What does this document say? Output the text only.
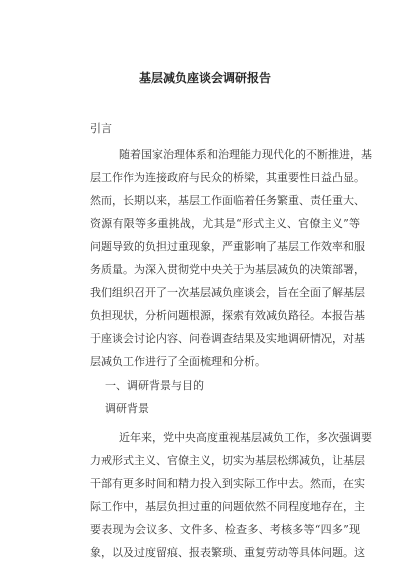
基层减负座谈会调研报告
引言
随着国家治理体系和治理能力现代化的不断推进，基
层工作作为连接政府与民众的桥梁，其重要性日益凸显。
然而，长期以来，基层工作面临着任务繁重、责任重大、
资源有限等多重挑战，尤其是“形式主义、官僚主义”等
问题导致的负担过重现象，严重影响了基层工作效率和服
务质量。为深入贯彻党中央关于为基层减负的决策部署，
我们组织召开了一次基层减负座谈会，旨在全面了解基层
负担现状，分析问题根源，探索有效减负路径。本报告基
于座谈会讨论内容、问卷调查结果及实地调研情况，对基
层减负工作进行了全面梳理和分析。
一、调研背景与目的
调研背景
近年来，党中央高度重视基层减负工作，多次强调要
力戒形式主义、官僚主义，切实为基层松绑减负，让基层
干部有更多时间和精力投入到实际工作中去。然而，在实
际工作中，基层负担过重的问题依然不同程度地存在，主
要表现为会议多、文件多、检查多、考核多等“四多”现
象，以及过度留痕、报表繁琐、重复劳动等具体问题。这
